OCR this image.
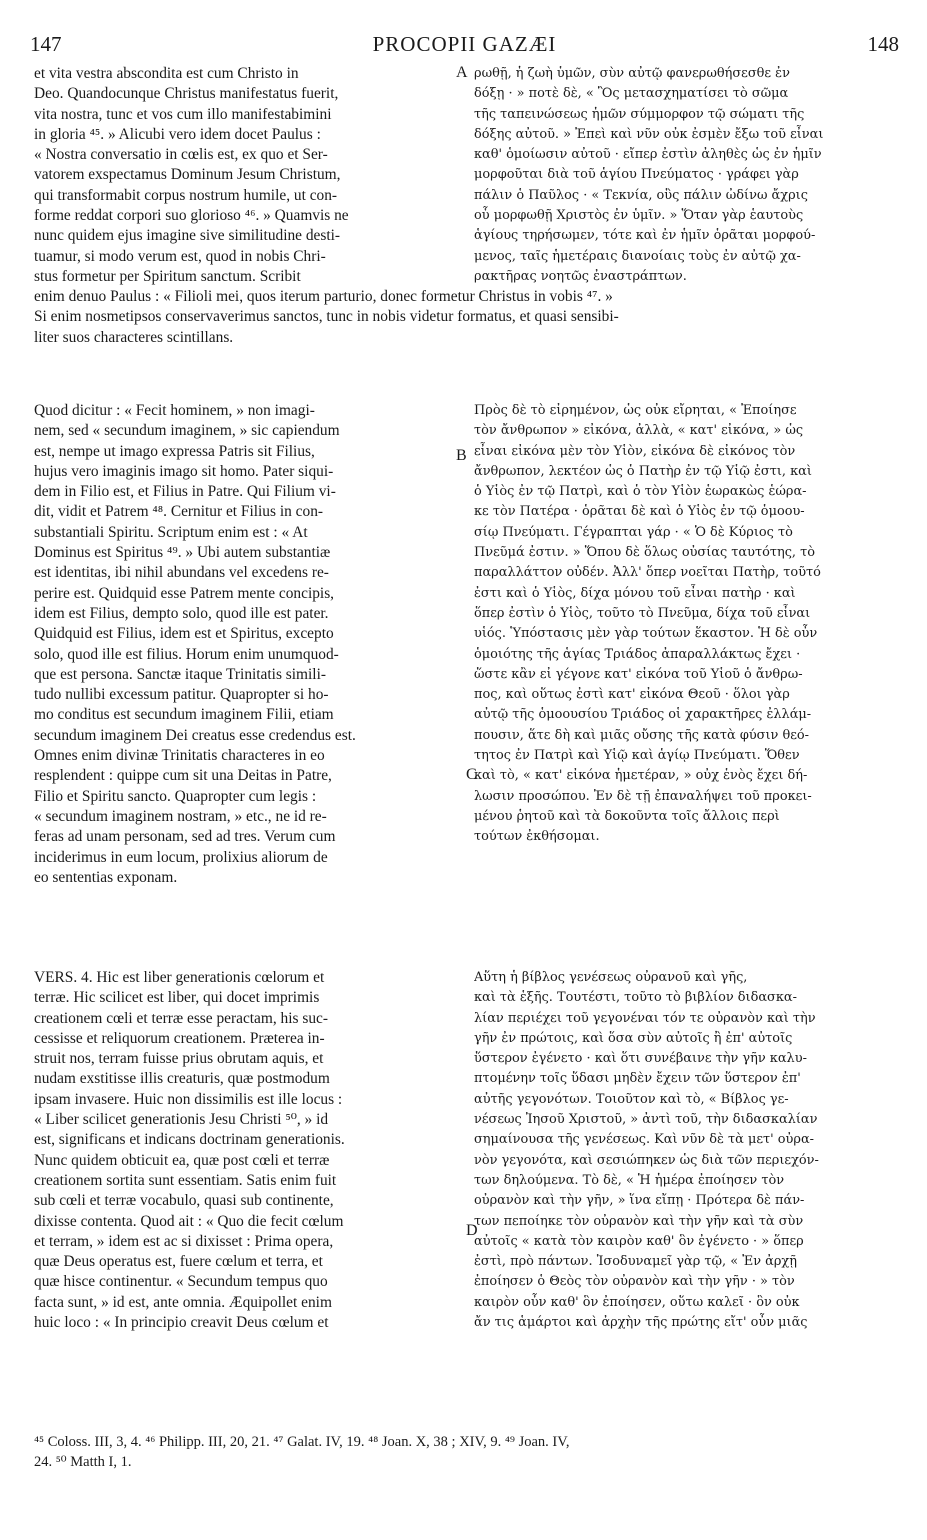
147	PROCOPII GAZÆI	148
A
B
C
D
et vita vestra abscondita est cum Christo in
Deo. Quandocunque Christus manifestatus fuerit,
vita nostra, tunc et vos cum illo manifestabimini
in gloria ⁴⁵. » Alicubi vero idem docet Paulus :
« Nostra conversatio in cœlis est, ex quo et Ser-
vatorem exspectamus Dominum Jesum Christum,
qui transformabit corpus nostrum humile, ut con-
forme reddat corpori suo glorioso ⁴⁶. » Quamvis ne
nunc quidem ejus imagine sive similitudine desti-
tuamur, si modo verum est, quod in nobis Chri-
stus formetur per Spiritum sanctum. Scribit
ρωθῇ, ἡ ζωὴ ὑμῶν, σὺν αὐτῷ φανερωθήσεσθε ἐν
δόξῃ · » ποτὲ δὲ, « Ὃς μετασχηματίσει τὸ σῶμα
τῆς ταπεινώσεως ἡμῶν σύμμορφον τῷ σώματι τῆς
δόξης αὐτοῦ. » Ἐπεὶ καὶ νῦν οὐκ ἐσμὲν ἔξω τοῦ εἶναι
καθ' ὁμοίωσιν αὐτοῦ · εἴπερ ἐστὶν ἀληθὲς ὡς ἐν ἡμῖν
μορφοῦται διὰ τοῦ ἁγίου Πνεύματος · γράφει γὰρ
πάλιν ὁ Παῦλος · « Τεκνία, οὓς πάλιν ὠδίνω ἄχρις
οὗ μορφωθῇ Χριστὸς ἐν ὑμῖν. » Ὅταν γὰρ ἑαυτοὺς
ἁγίους τηρήσωμεν, τότε καὶ ἐν ἡμῖν ὁρᾶται μορφού-
μενος, ταῖς ἡμετέραις διανοίαις τοὺς ἐν αὐτῷ χα-
ρακτῆρας νοητῶς ἐναστράπτων.
enim denuo Paulus : « Filioli mei, quos iterum parturio, donec formetur Christus in vobis ⁴⁷. »
Si enim nosmetipsos conservaverimus sanctos, tunc in nobis videtur formatus, et quasi sensibi-
liter suos characteres scintillans.
Quod dicitur : « Fecit hominem, » non imagi-
nem, sed « secundum imaginem, » sic capiendum
est, nempe ut imago expressa Patris sit Filius,
hujus vero imaginis imago sit homo. Pater siqui-
dem in Filio est, et Filius in Patre. Qui Filium vi-
dit, vidit et Patrem ⁴⁸. Cernitur et Filius in con-
substantiali Spiritu. Scriptum enim est : « At
Dominus est Spiritus ⁴⁹. » Ubi autem substantiæ
est identitas, ibi nihil abundans vel excedens re-
perire est. Quidquid esse Patrem mente concipis,
idem est Filius, dempto solo, quod ille est pater.
Quidquid est Filius, idem est et Spiritus, excepto
solo, quod ille est filius. Horum enim unumquod-
que est persona. Sanctæ itaque Trinitatis simili-
tudo nullibi excessum patitur. Quapropter si ho-
mo conditus est secundum imaginem Filii, etiam
secundum imaginem Dei creatus esse credendus est.
Omnes enim divinæ Trinitatis characteres in eo
resplendent : quippe cum sit una Deitas in Patre,
Filio et Spiritu sancto. Quapropter cum legis :
« secundum imaginem nostram, » etc., ne id re-
feras ad unam personam, sed ad tres. Verum cum
inciderimus in eum locum, prolixius aliorum de
eo sententias exponam.
Πρὸς δὲ τὸ εἰρημένον, ὡς οὐκ εἴρηται, « Ἐποίησε
τὸν ἄνθρωπον » εἰκόνα, ἀλλὰ, « κατ' εἰκόνα, » ὡς
εἶναι εἰκόνα μὲν τὸν Υἱὸν, εἰκόνα δὲ εἰκόνος τὸν
ἄνθρωπον, λεκτέον ὡς ὁ Πατὴρ ἐν τῷ Υἱῷ ἐστι, καὶ
ὁ Υἱὸς ἐν τῷ Πατρὶ, καὶ ὁ τὸν Υἱὸν ἑωρακὼς ἑώρα-
κε τὸν Πατέρα · ὁρᾶται δὲ καὶ ὁ Υἱὸς ἐν τῷ ὁμοου-
σίῳ Πνεύματι. Γέγραπται γάρ · « Ὁ δὲ Κύριος τὸ
Πνεῦμά ἐστιν. » Ὅπου δὲ ὅλως οὐσίας ταυτότης, τὸ
παραλλάττον οὐδέν. Ἀλλ' ὅπερ νοεῖται Πατὴρ, τοῦτό
ἐστι καὶ ὁ Υἱὸς, δίχα μόνου τοῦ εἶναι πατὴρ · καὶ
ὅπερ ἐστὶν ὁ Υἱὸς, τοῦτο τὸ Πνεῦμα, δίχα τοῦ εἶναι
υἱός. Ὑπόστασις μὲν γὰρ τούτων ἕκαστον. Ἡ δὲ οὖν
ὁμοιότης τῆς ἁγίας Τριάδος ἀπαραλλάκτως ἔχει ·
ὥστε κἂν εἰ γέγονε κατ' εἰκόνα τοῦ Υἱοῦ ὁ ἄνθρω-
πος, καὶ οὕτως ἐστὶ κατ' εἰκόνα Θεοῦ · ὅλοι γὰρ
αὐτῷ τῆς ὁμοουσίου Τριάδος οἱ χαρακτῆρες ἐλλάμ-
πουσιν, ἅτε δὴ καὶ μιᾶς οὔσης τῆς κατὰ φύσιν θεό-
τητος ἐν Πατρὶ καὶ Υἱῷ καὶ ἁγίῳ Πνεύματι. Ὅθεν
καὶ τὸ, « κατ' εἰκόνα ἡμετέραν, » οὐχ ἑνὸς ἔχει δή-
λωσιν προσώπου. Ἐν δὲ τῇ ἐπαναλήψει τοῦ προκει-
μένου ῥητοῦ καὶ τὰ δοκοῦντα τοῖς ἄλλοις περὶ
τούτων ἐκθήσομαι.
VERS. 4. Hic est liber generationis cœlorum et
terræ. Hic scilicet est liber, qui docet imprimis
creationem cœli et terræ esse peractam, his suc-
cessisse et reliquorum creationem. Præterea in-
struit nos, terram fuisse prius obrutam aquis, et
nudam exstitisse illis creaturis, quæ postmodum
ipsam invasere. Huic non dissimilis est ille locus :
« Liber scilicet generationis Jesu Christi ⁵⁰, » id
est, significans et indicans doctrinam generationis.
Nunc quidem obticuit ea, quæ post cœli et terræ
creationem sortita sunt essentiam. Satis enim fuit
sub cœli et terræ vocabulo, quasi sub continente,
dixisse contenta. Quod ait : « Quo die fecit cœlum
et terram, » idem est ac si dixisset : Prima opera,
quæ Deus operatus est, fuere cœlum et terra, et
quæ hisce continentur. « Secundum tempus quo
facta sunt, » id est, ante omnia. Æquipollet enim
huic loco : « In principio creavit Deus cœlum et
Αὕτη ἡ βίβλος γενέσεως οὐρανοῦ καὶ γῆς,
καὶ τὰ ἑξῆς. Τουτέστι, τοῦτο τὸ βιβλίον διδασκα-
λίαν περιέχει τοῦ γεγονέναι τόν τε οὐρανὸν καὶ τὴν
γῆν ἐν πρώτοις, καὶ ὅσα σὺν αὐτοῖς ἢ ἐπ' αὐτοῖς
ὕστερον ἐγένετο · καὶ ὅτι συνέβαινε τὴν γῆν καλυ-
πτομένην τοῖς ὕδασι μηδὲν ἔχειν τῶν ὕστερον ἐπ'
αὐτῆς γεγονότων. Τοιοῦτον καὶ τὸ, « Βίβλος γε-
νέσεως Ἰησοῦ Χριστοῦ, » ἀντὶ τοῦ, τὴν διδασκαλίαν
σημαίνουσα τῆς γενέσεως. Καὶ νῦν δὲ τὰ μετ' οὐρα-
νὸν γεγονότα, καὶ σεσιώπηκεν ὡς διὰ τῶν περιεχόν-
των δηλούμενα. Τὸ δὲ, « Ἡ ἡμέρα ἐποίησεν τὸν
οὐρανὸν καὶ τὴν γῆν, » ἵνα εἴπῃ · Πρότερα δὲ πάν-
των πεποίηκε τὸν οὐρανὸν καὶ τὴν γῆν καὶ τὰ σὺν
αὐτοῖς « κατὰ τὸν καιρὸν καθ' ὃν ἐγένετο · » ὅπερ
ἐστὶ, πρὸ πάντων. Ἰσοδυναμεῖ γὰρ τῷ, « Ἐν ἀρχῇ
ἐποίησεν ὁ Θεὸς τὸν οὐρανὸν καὶ τὴν γῆν · » τὸν
καιρὸν οὖν καθ' ὃν ἐποίησεν, οὕτω καλεῖ · ὃν οὐκ
ἄν τις ἁμάρτοι καὶ ἀρχὴν τῆς πρώτης εἴτ' οὖν μιᾶς
⁴⁵ Coloss. III, 3, 4. ⁴⁶ Philipp. III, 20, 21. ⁴⁷ Galat. IV, 19. ⁴⁸ Joan. X, 38 ; XIV, 9. ⁴⁹ Joan. IV,
24. ⁵⁰ Matth I, 1.
